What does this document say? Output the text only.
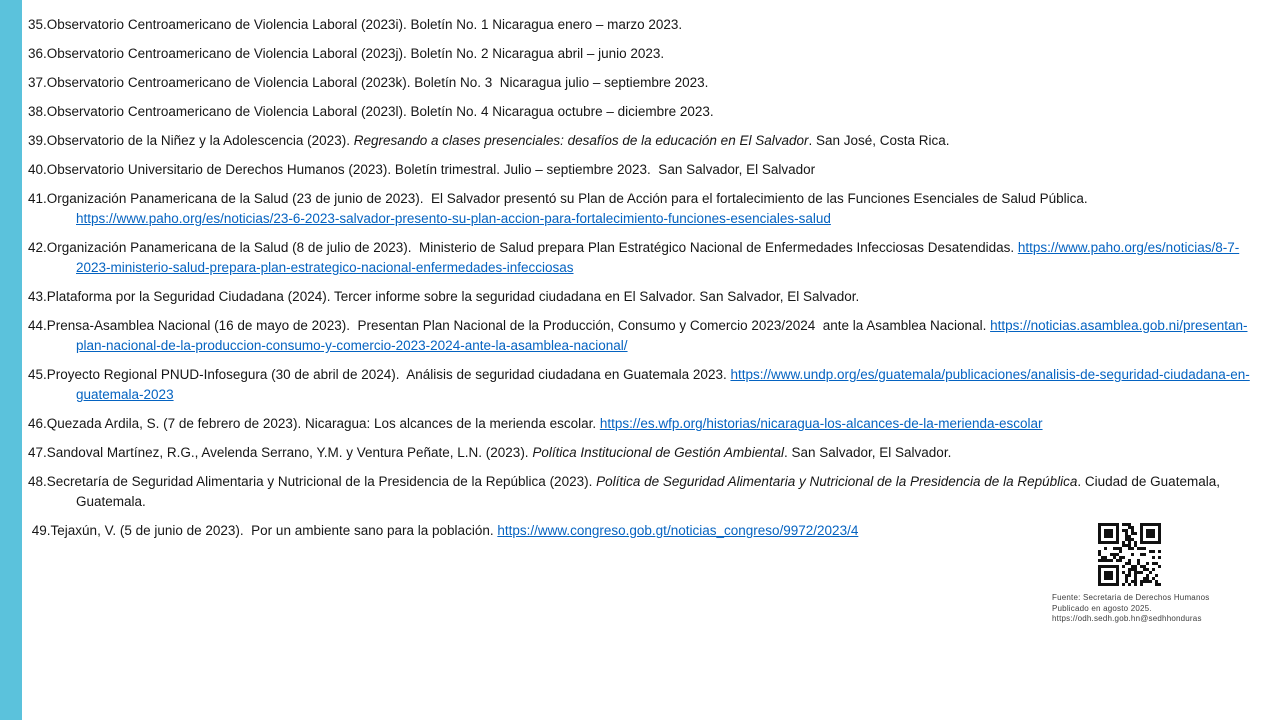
35.Observatorio Centroamericano de Violencia Laboral (2023i). Boletín No. 1 Nicaragua enero – marzo 2023.
36.Observatorio Centroamericano de Violencia Laboral (2023j). Boletín No. 2 Nicaragua abril – junio 2023.
37.Observatorio Centroamericano de Violencia Laboral (2023k). Boletín No. 3  Nicaragua julio – septiembre 2023.
38.Observatorio Centroamericano de Violencia Laboral (2023l). Boletín No. 4 Nicaragua octubre – diciembre 2023.
39.Observatorio de la Niñez y la Adolescencia (2023). Regresando a clases presenciales: desafíos de la educación en El Salvador. San José, Costa Rica.
40.Observatorio Universitario de Derechos Humanos (2023). Boletín trimestral. Julio – septiembre 2023.  San Salvador, El Salvador
41.Organización Panamericana de la Salud (23 de junio de 2023).  El Salvador presentó su Plan de Acción para el fortalecimiento de las Funciones Esenciales de Salud Pública.
https://www.paho.org/es/noticias/23-6-2023-salvador-presento-su-plan-accion-para-fortalecimiento-funciones-esenciales-salud
42.Organización Panamericana de la Salud (8 de julio de 2023).  Ministerio de Salud prepara Plan Estratégico Nacional de Enfermedades Infecciosas Desatendidas. https://www.paho.org/es/noticias/8-7-
2023-ministerio-salud-prepara-plan-estrategico-nacional-enfermedades-infecciosas
43.Plataforma por la Seguridad Ciudadana (2024). Tercer informe sobre la seguridad ciudadana en El Salvador. San Salvador, El Salvador.
44.Prensa-Asamblea Nacional (16 de mayo de 2023).  Presentan Plan Nacional de la Producción, Consumo y Comercio 2023/2024  ante la Asamblea Nacional. https://noticias.asamblea.gob.ni/presentan-
plan-nacional-de-la-produccion-consumo-y-comercio-2023-2024-ante-la-asamblea-nacional/
45.Proyecto Regional PNUD-Infosegura (30 de abril de 2024).  Análisis de seguridad ciudadana en Guatemala 2023. https://www.undp.org/es/guatemala/publicaciones/analisis-de-seguridad-ciudadana-en-
guatemala-2023
46.Quezada Ardila, S. (7 de febrero de 2023). Nicaragua: Los alcances de la merienda escolar. https://es.wfp.org/historias/nicaragua-los-alcances-de-la-merienda-escolar
47.Sandoval Martínez, R.G., Avelenda Serrano, Y.M. y Ventura Peñate, L.N. (2023). Política Institucional de Gestión Ambiental. San Salvador, El Salvador.
48.Secretaría de Seguridad Alimentaria y Nutricional de la Presidencia de la República (2023). Política de Seguridad Alimentaria y Nutricional de la Presidencia de la República. Ciudad de Guatemala,
Guatemala.
49.Tejaxún, V. (5 de junio de 2023).  Por un ambiente sano para la población. https://www.congreso.gob.gt/noticias_congreso/9972/2023/4
Fuente: Secretaria de Derechos Humanos
Publicado en agosto 2025.
https://odh.sedh.gob.hn@sedhhonduras
